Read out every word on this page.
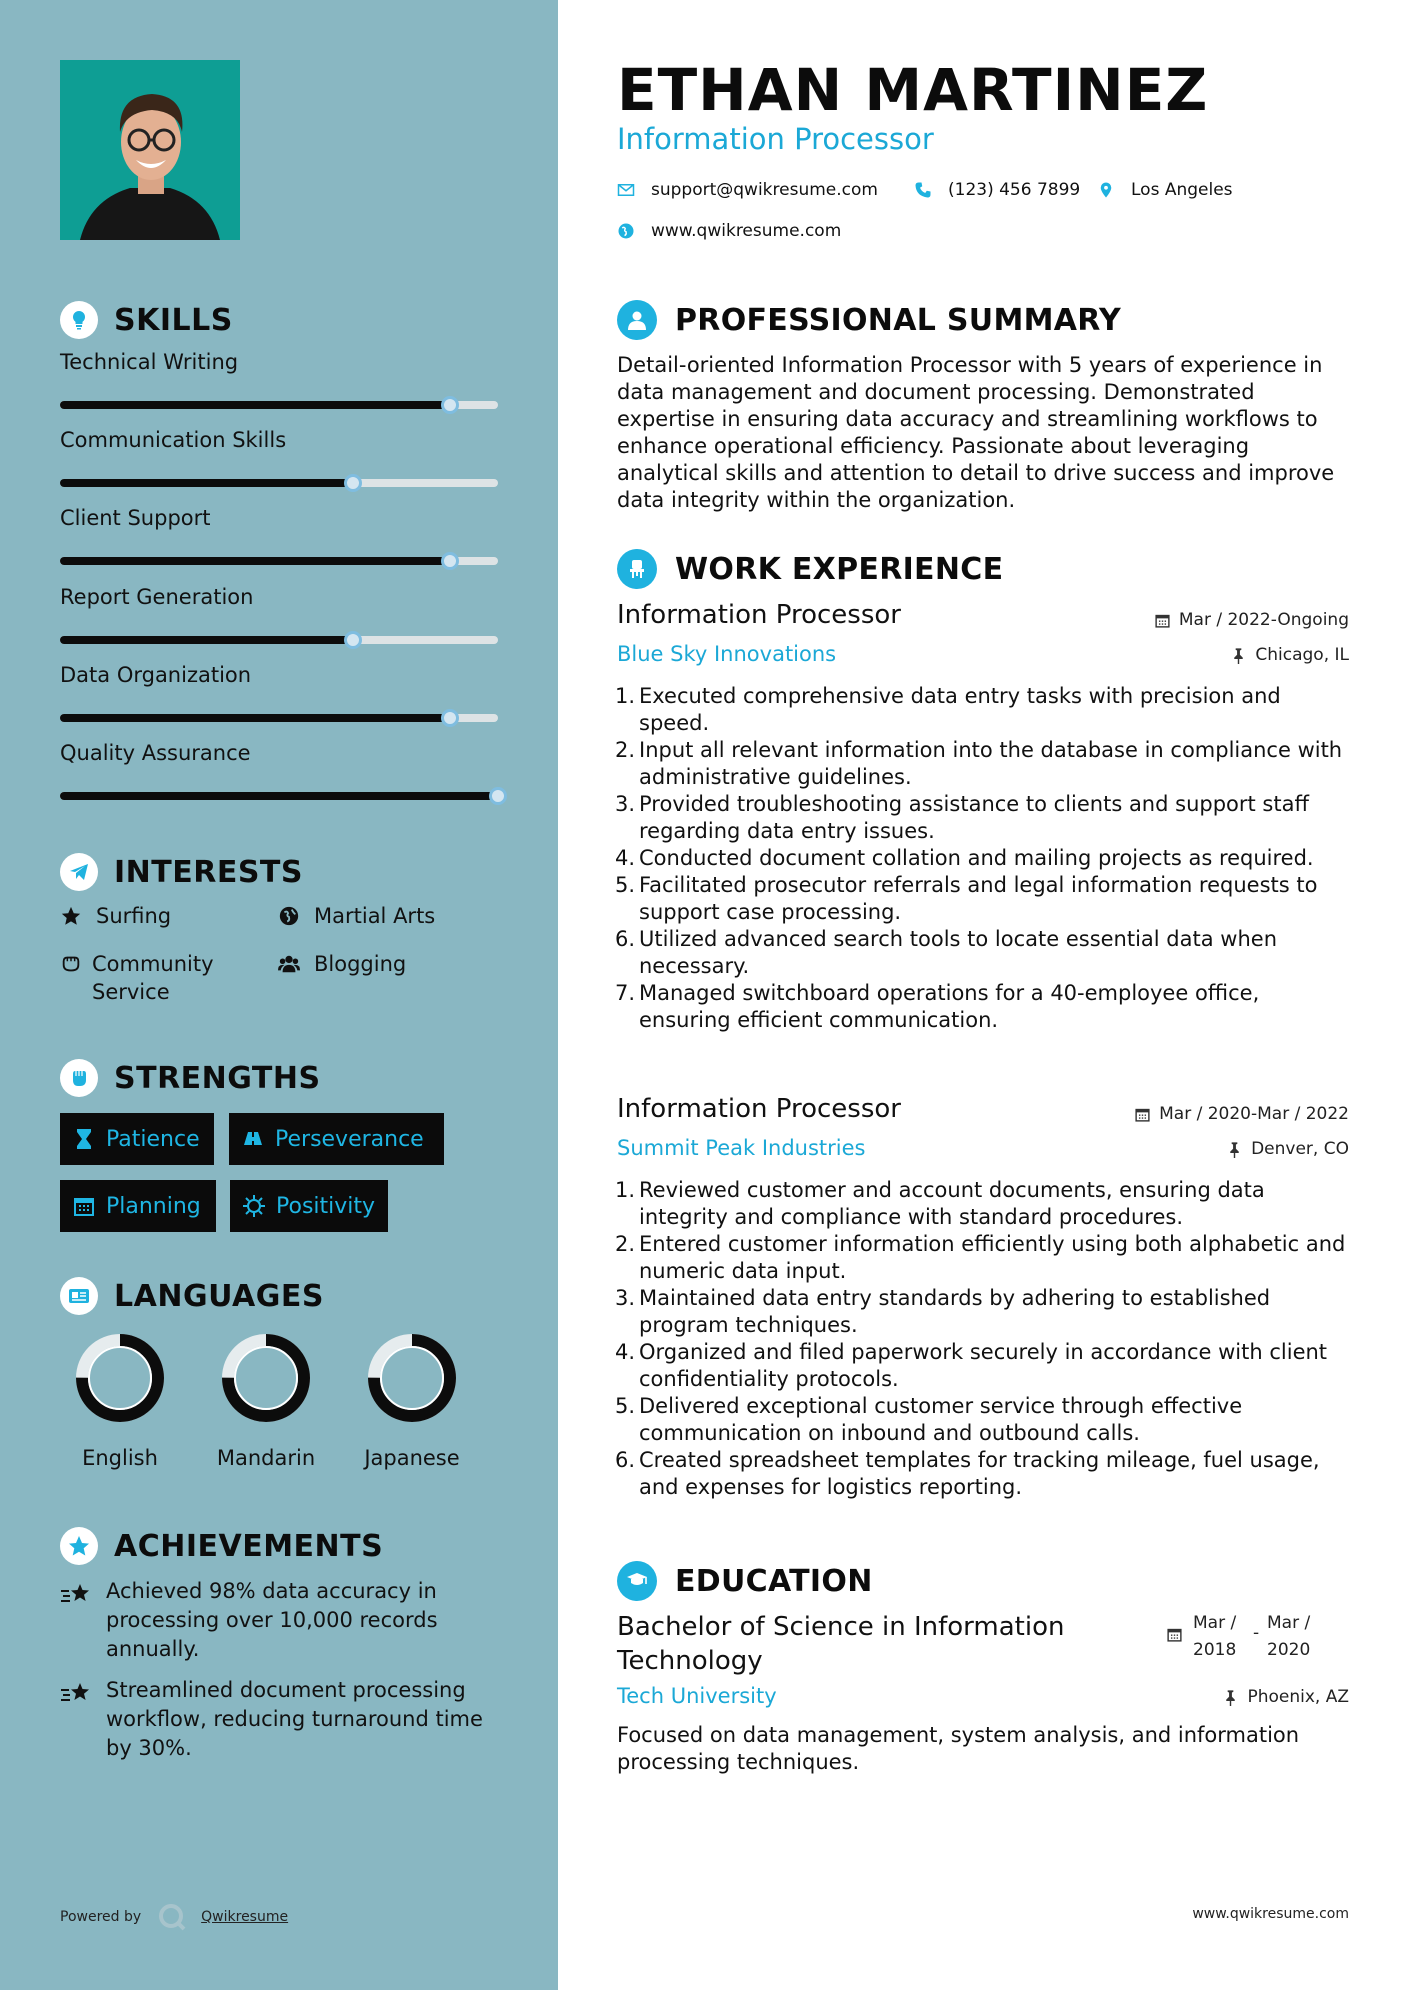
SKILLS
Technical Writing
Communication Skills
Client Support
Report Generation
Data Organization
Quality Assurance
INTERESTS
Surfing	Martial Arts
Community Service
Blogging
STRENGTHS
Patience	Perseverance
Planning	Positivity
LANGUAGES
English	Mandarin	Japanese
ACHIEVEMENTS
Achieved 98% data accuracy in processing over 10,000 records annually.
Streamlined document processing workflow, reducing turnaround time by 30%.
Powered by	Qwikresume
ETHAN MARTINEZ
Information Processor
support@qwikresume.com	(123) 456 7899	Los Angeles
www.qwikresume.com
PROFESSIONAL SUMMARY
Detail-oriented Information Processor with 5 years of experience in data management and document processing. Demonstrated expertise in ensuring data accuracy and streamlining workflows to enhance operational efficiency. Passionate about leveraging analytical skills and attention to detail to drive success and improve data integrity within the organization.
WORK EXPERIENCE
Information Processor	Mar / 2022-Ongoing
Blue Sky Innovations	Chicago, IL
1. Executed comprehensive data entry tasks with precision and speed.
2. Input all relevant information into the database in compliance with administrative guidelines.
3. Provided troubleshooting assistance to clients and support staff regarding data entry issues.
4. Conducted document collation and mailing projects as required.
5. Facilitated prosecutor referrals and legal information requests to support case processing.
6. Utilized advanced search tools to locate essential data when necessary.
7. Managed switchboard operations for a 40-employee office, ensuring efficient communication.
Information Processor	Mar / 2020-Mar / 2022
Summit Peak Industries	Denver, CO
1. Reviewed customer and account documents, ensuring data integrity and compliance with standard procedures.
2. Entered customer information efficiently using both alphabetic and numeric data input.
3. Maintained data entry standards by adhering to established program techniques.
4. Organized and filed paperwork securely in accordance with client confidentiality protocols.
5. Delivered exceptional customer service through effective communication on inbound and outbound calls.
6. Created spreadsheet templates for tracking mileage, fuel usage, and expenses for logistics reporting.
EDUCATION
Bachelor of Science in Information Technology
Mar /
2018
- Mar /
2020
Tech University	Phoenix, AZ
Focused on data management, system analysis, and information processing techniques.
www.qwikresume.com
